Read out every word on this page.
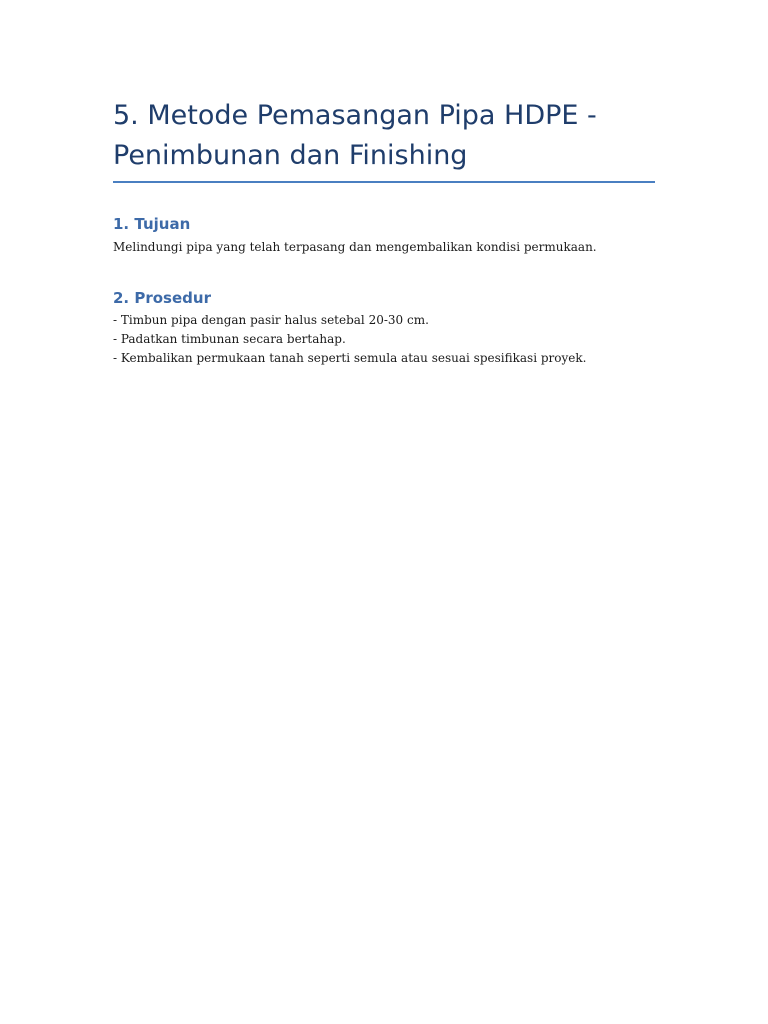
5. Metode Pemasangan Pipa HDPE -
Penimbunan dan Finishing
1. Tujuan

Melindungi pipa yang telah terpasang dan mengembalikan kondisi permukaan.

2. Prosedur

- Timbun pipa dengan pasir halus setebal 20-30 cm.
- Padatkan timbunan secara bertahap.
- Kembalikan permukaan tanah seperti semula atau sesuai spesifikasi proyek.
